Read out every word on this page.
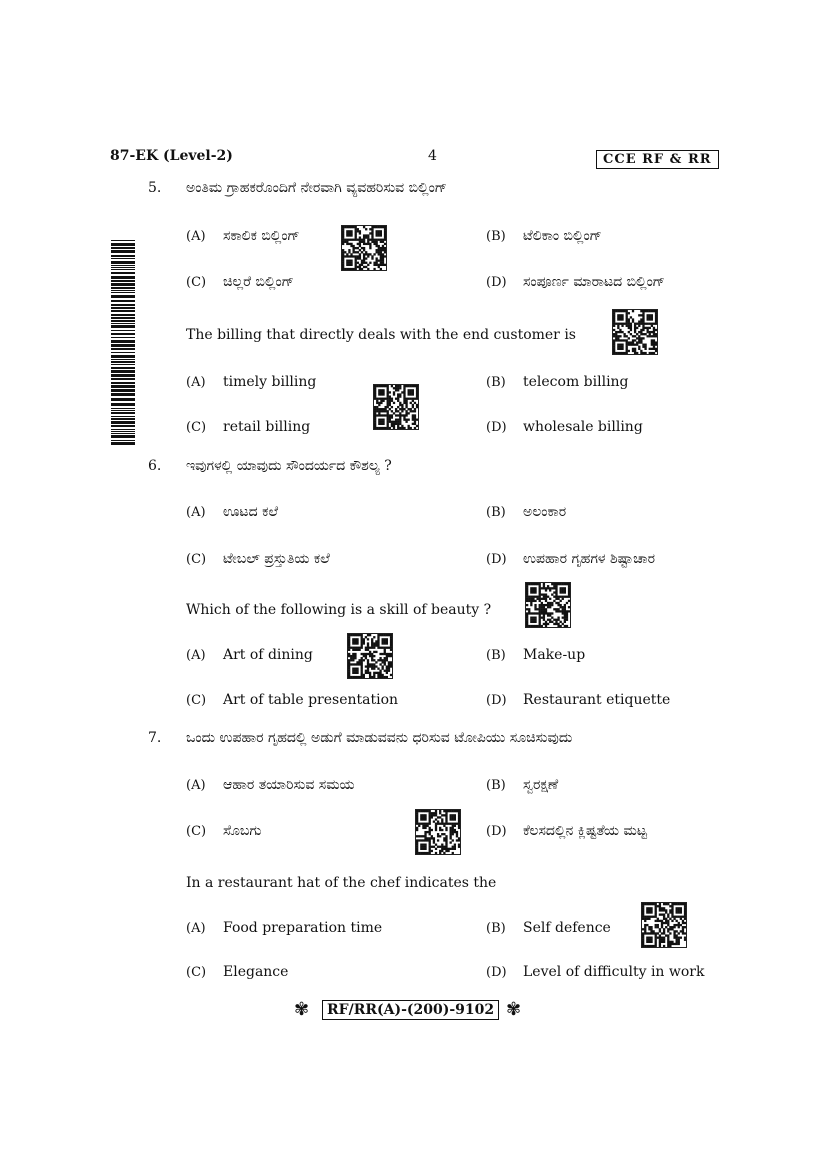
87-EK (Level-2)	4	CCE RF & RR
5. ಅಂತಿಮ ಗ್ರಾಹಕರೊಂದಿಗೆ ನೇರವಾಗಿ ವ್ಯವಹರಿಸುವ ಬಿಲ್ಲಿಂಗ್
(A) ಸಕಾಲಿಕ ಬಿಲ್ಲಿಂಗ್	(B) ಟೆಲಿಕಾಂ ಬಿಲ್ಲಿಂಗ್
(C) ಚಿಲ್ಲರೆ ಬಿಲ್ಲಿಂಗ್	(D) ಸಂಪೂರ್ಣ ಮಾರಾಟದ ಬಿಲ್ಲಿಂಗ್
The billing that directly deals with the end customer is
(A) timely billing	(B) telecom billing
(C) retail billing	(D) wholesale billing
6. ಇವುಗಳಲ್ಲಿ ಯಾವುದು ಸೌಂದರ್ಯದ ಕೌಶಲ್ಯ ?
(A) ಊಟದ ಕಲೆ	(B) ಅಲಂಕಾರ
(C) ಟೇಬಲ್ ಪ್ರಸ್ತುತಿಯ ಕಲೆ	(D) ಉಪಹಾರ ಗೃಹಗಳ ಶಿಷ್ಟಾಚಾರ
Which of the following is a skill of beauty ?
(A) Art of dining	(B) Make-up
(C) Art of table presentation	(D) Restaurant etiquette
7. ಒಂದು ಉಪಹಾರ ಗೃಹದಲ್ಲಿ ಅಡುಗೆ ಮಾಡುವವನು ಧರಿಸುವ ಟೋಪಿಯು ಸೂಚಿಸುವುದು
(A) ಆಹಾರ ತಯಾರಿಸುವ ಸಮಯ	(B) ಸ್ವರಕ್ಷಣೆ
(C) ಸೊಬಗು	(D) ಕೆಲಸದಲ್ಲಿನ ಕ್ಲಿಷ್ಟತೆಯ ಮಟ್ಟ
In a restaurant hat of the chef indicates the
(A) Food preparation time	(B) Self defence
(C) Elegance	(D) Level of difficulty in work
✾	RF/RR(A)-(200)-9102 ✾
